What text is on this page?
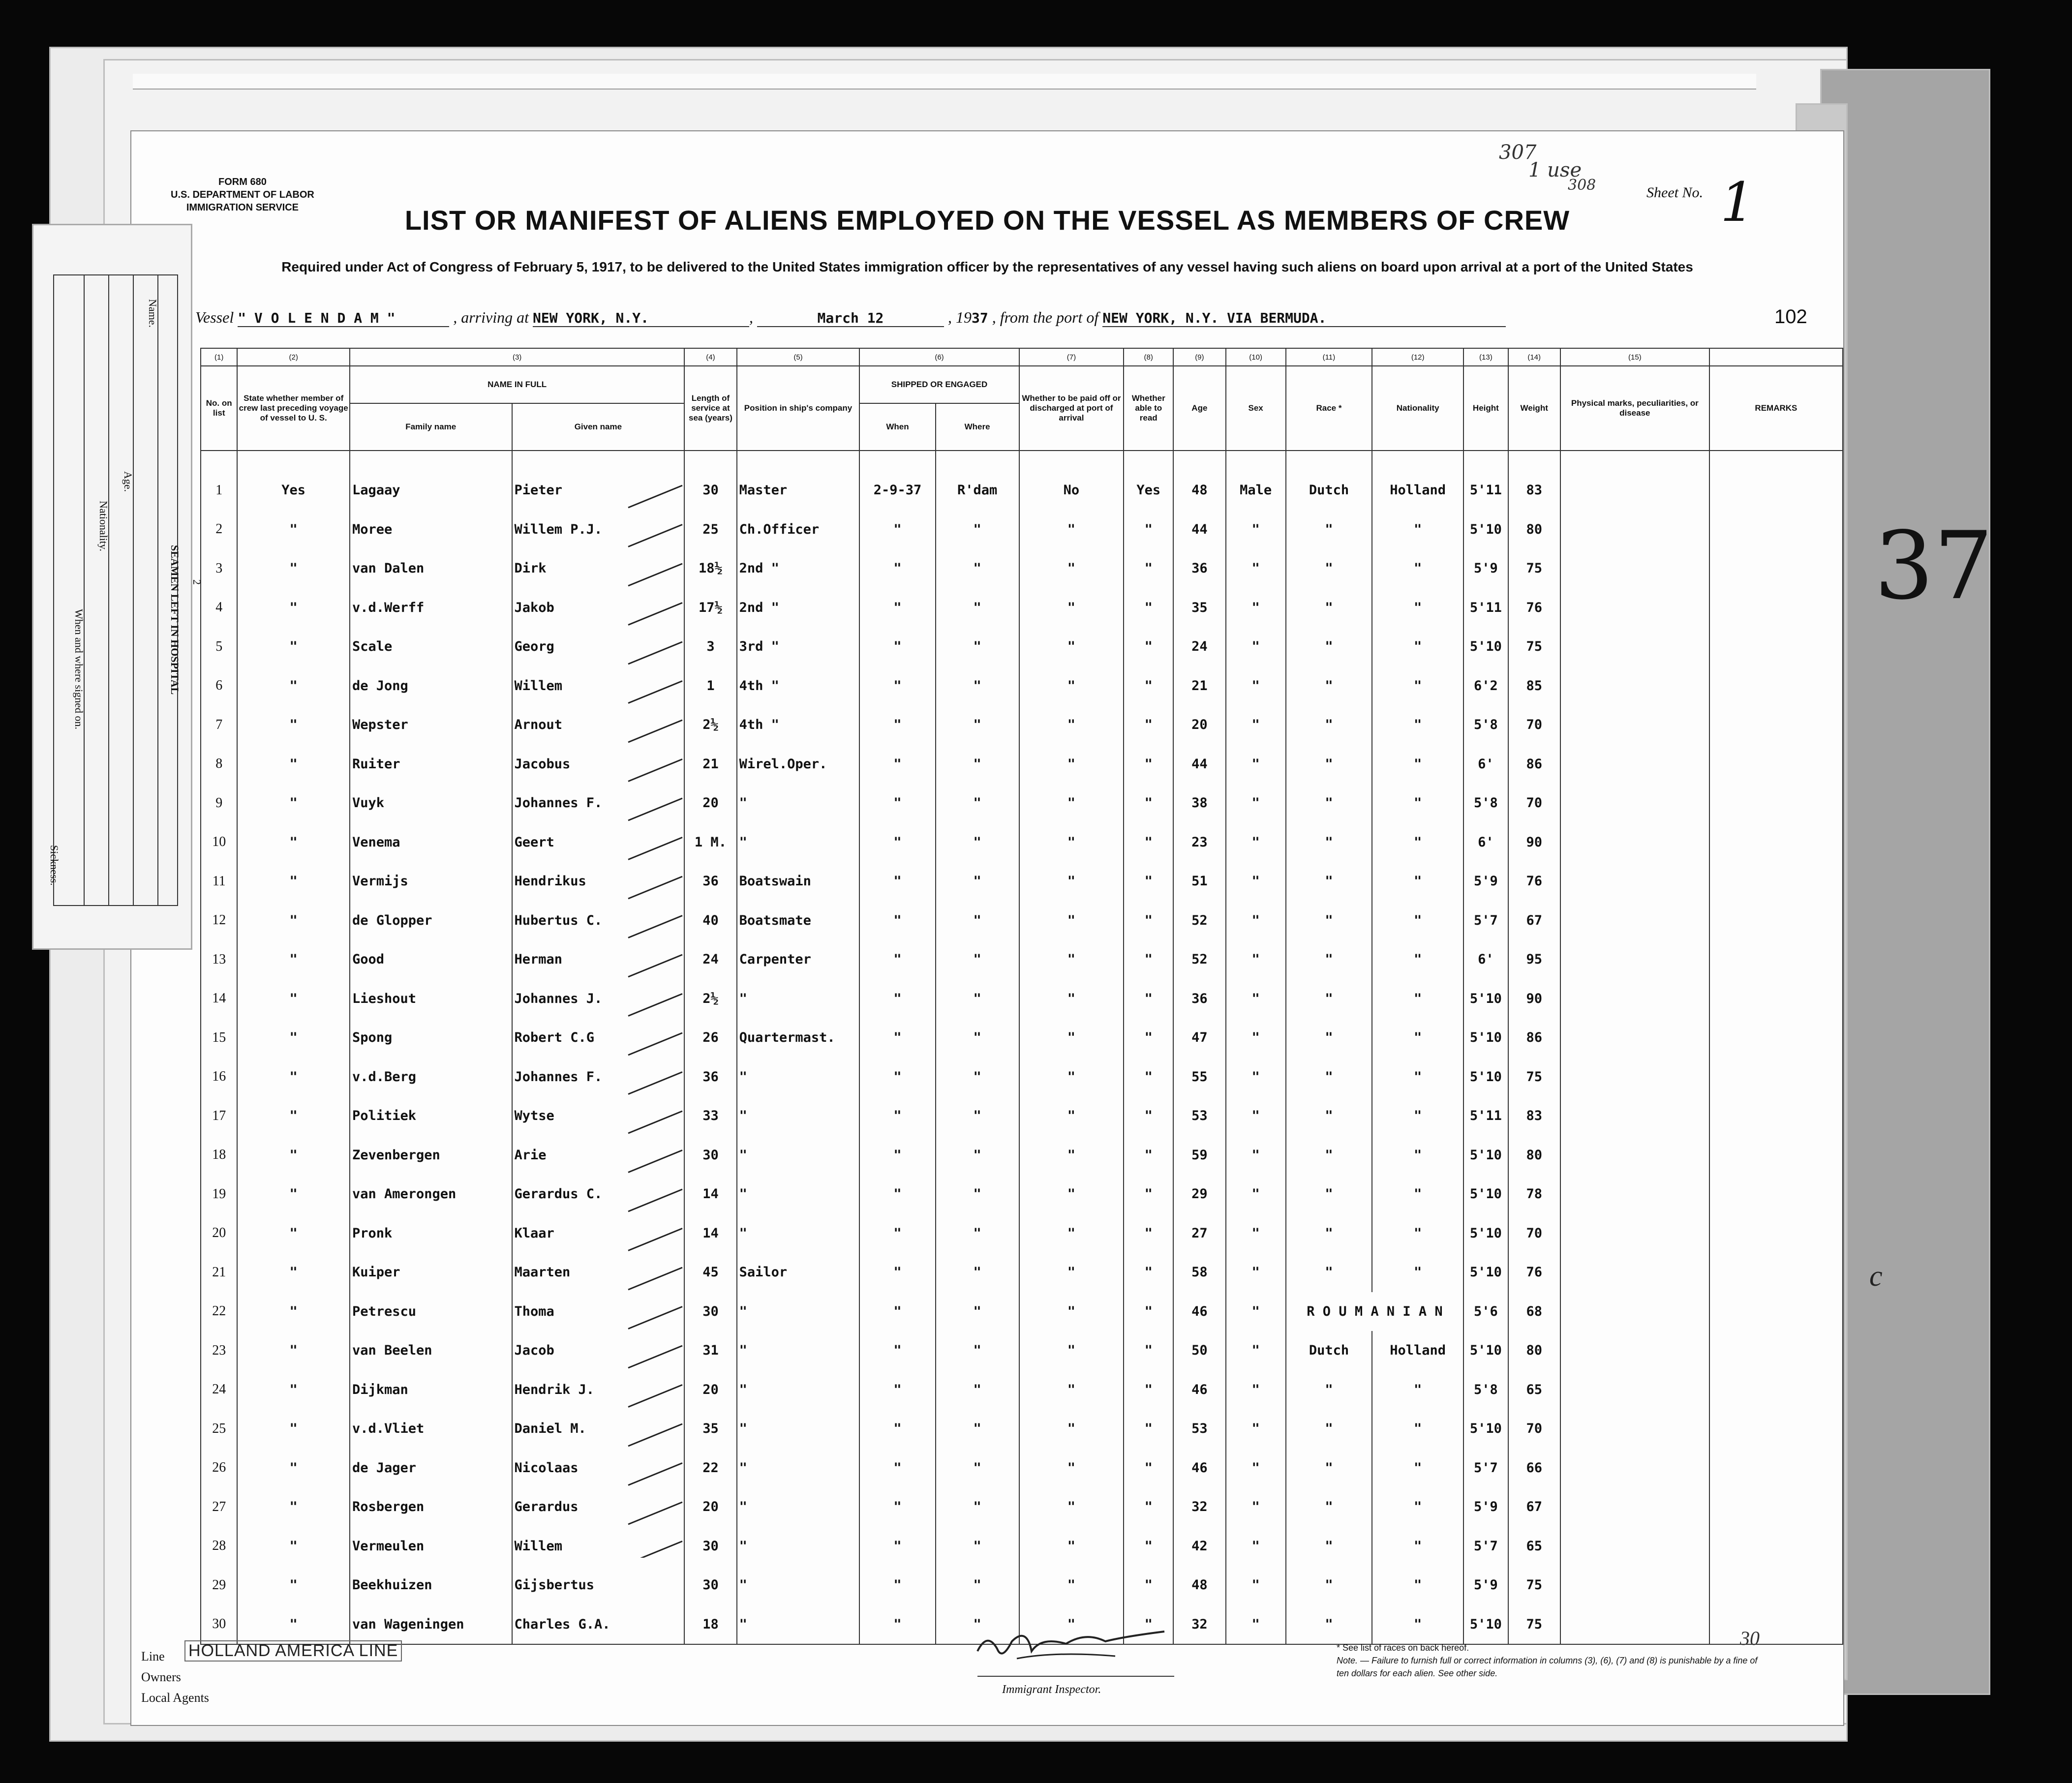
FORM 680
U.S. DEPARTMENT OF LABOR
IMMIGRATION SERVICE
307
1 use
308	Sheet No. 1
LIST OR MANIFEST OF ALIENS EMPLOYED ON THE VESSEL AS MEMBERS OF CREW
Required under Act of Congress of February 5, 1917, to be delivered to the United States immigration officer by the representatives of any vessel having such aliens on board upon arrival at a port of the United States
Vessel " V O L E N D A M "	, arriving at NEW YORK, N.Y.	,	March 12	, 1937 , from the port of NEW YORK, N.Y. VIA BERMUDA.	102
(1)	(2)	(3)		(4)	(5)	(6)		(7)	(8)	(9)	(10)	(11)	(12)	(13)	(14)	(15)	
No. on list	State whether member of crew last preceding voyage of vessel to U. S.	NAME IN FULL		Length of service at sea (years)	Position in ship's company	SHIPPED OR ENGAGED		Whether to be paid off or discharged at port of arrival	Whether able to read	Age	Sex	Race *	Nationality	Height	Weight	Physical marks, peculiarities, or disease	REMARKS
		Family name	Given name			When	Where										
1	Yes	Lagaay	Pieter	30	Master	2-9-37	R'dam	No	Yes	48	Male	Dutch	Holland	5'11	83		
2	"	Moree	Willem P.J.	25	Ch.Officer	"	"	"	"	44	"	"	"	5'10	80		
3	"	van Dalen	Dirk	18½	2nd "	"	"	"	"	36	"	"	"	5'9	75		
4	"	v.d.Werff	Jakob	17½	2nd "	"	"	"	"	35	"	"	"	5'11	76		
5	"	Scale	Georg	3	3rd "	"	"	"	"	24	"	"	"	5'10	75		
6	"	de Jong	Willem	1	4th "	"	"	"	"	21	"	"	"	6'2	85		
7	"	Wepster	Arnout	2½	4th "	"	"	"	"	20	"	"	"	5'8	70		
8	"	Ruiter	Jacobus	21	Wirel.Oper.	"	"	"	"	44	"	"	"	6'	86		
9	"	Vuyk	Johannes F.	20	"	"	"	"	"	38	"	"	"	5'8	70		
10	"	Venema	Geert	1 M.	"	"	"	"	"	23	"	"	"	6'	90		
11	"	Vermijs	Hendrikus	36	Boatswain	"	"	"	"	51	"	"	"	5'9	76		
12	"	de Glopper	Hubertus C.	40	Boatsmate	"	"	"	"	52	"	"	"	5'7	67		
13	"	Good	Herman	24	Carpenter	"	"	"	"	52	"	"	"	6'	95		
14	"	Lieshout	Johannes J.	2½	"	"	"	"	"	36	"	"	"	5'10	90		
15	"	Spong	Robert C.G	26	Quartermast.	"	"	"	"	47	"	"	"	5'10	86		
16	"	v.d.Berg	Johannes F.	36	"	"	"	"	"	55	"	"	"	5'10	75		
17	"	Politiek	Wytse	33	"	"	"	"	"	53	"	"	"	5'11	83		
18	"	Zevenbergen	Arie	30	"	"	"	"	"	59	"	"	"	5'10	80		
19	"	van Amerongen	Gerardus C.	14	"	"	"	"	"	29	"	"	"	5'10	78		
20	"	Pronk	Klaar	14	"	"	"	"	"	27	"	"	"	5'10	70		
21	"	Kuiper	Maarten	45	Sailor	"	"	"	"	58	"	"	"	5'10	76		
22	"	Petrescu	Thoma	30	"	"	"	"	"	46	"	R O U M A N I A N		5'6	68		
23	"	van Beelen	Jacob	31	"	"	"	"	"	50	"	Dutch	Holland	5'10	80		
24	"	Dijkman	Hendrik J.	20	"	"	"	"	"	46	"	"	"	5'8	65		
25	"	v.d.Vliet	Daniel M.	35	"	"	"	"	"	53	"	"	"	5'10	70		
26	"	de Jager	Nicolaas	22	"	"	"	"	"	46	"	"	"	5'7	66		
27	"	Rosbergen	Gerardus	20	"	"	"	"	"	32	"	"	"	5'9	67		
28	"	Vermeulen	Willem	30	"	"	"	"	"	42	"	"	"	5'7	65		
29	"	Beekhuizen	Gijsbertus	30	"	"	"	"	"	48	"	"	"	5'9	75		
30	"	van Wageningen	Charles G.A.	18	"	"	"	"	"	32	"	"	"	5'10	75		
Line
Owners
Local Agents
HOLLAND AMERICA LINE
Immigrant Inspector.
* See list of races on back hereof.
Note. — Failure to furnish full or correct information in columns (3), (6), (7) and (8) is punishable by a fine of ten dollars for each alien. See other side.
30
SEAMEN LEFT IN HOSPITAL 2
Name.
Age.
Nationality.
When and where signed on.
Sickness.
37
c
